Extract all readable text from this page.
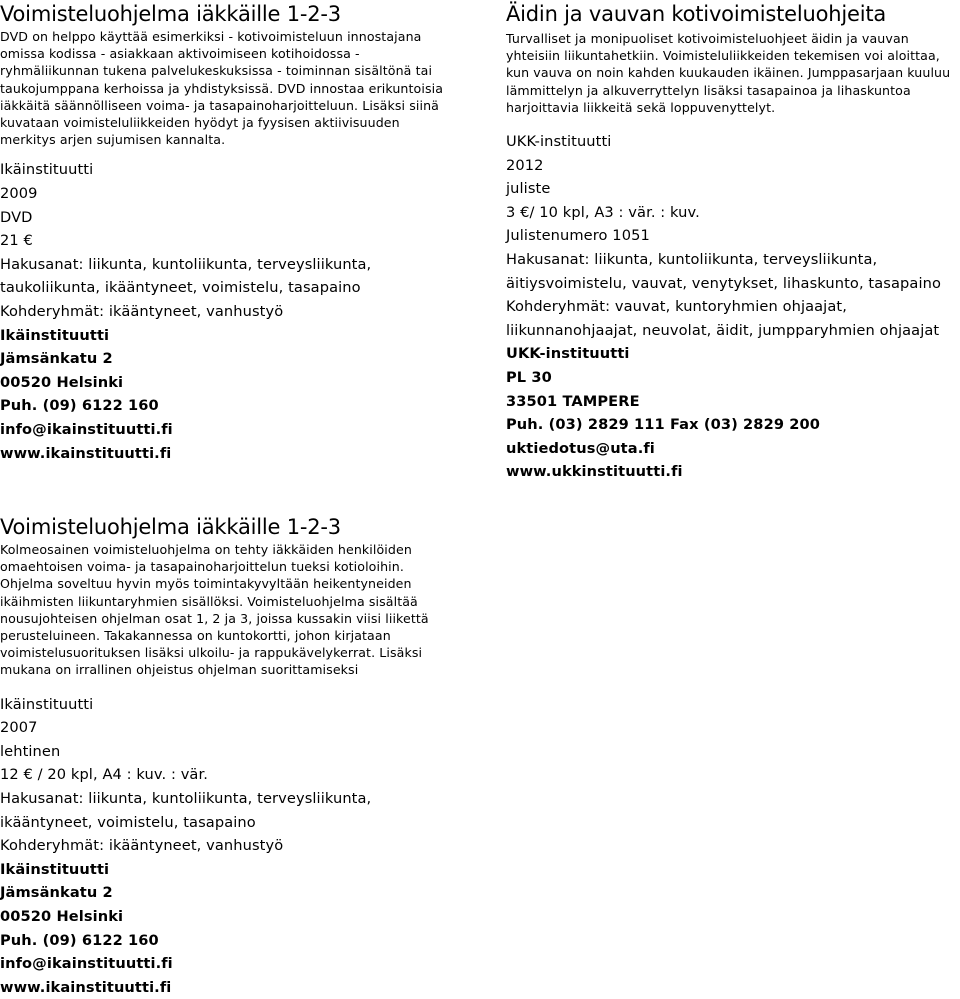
Voimisteluohjelma iäkkäille 1-2-3

DVD on helppo käyttää esimerkiksi - kotivoimisteluun innostajana
omissa kodissa - asiakkaan aktivoimiseen kotihoidossa -
ryhmäliikunnan tukena palvelukeskuksissa - toiminnan sisältönä tai
taukojumppana kerhoissa ja yhdistyksissä. DVD innostaa erikuntoisia
iäkkäitä säännölliseen voima- ja tasapainoharjoitteluun. Lisäksi siinä
kuvataan voimisteluliikkeiden hyödyt ja fyysisen aktiivisuuden
merkitys arjen sujumisen kannalta.

Ikäinstituutti
2009
DVD
21 €
Hakusanat: liikunta, kuntoliikunta, terveysliikunta,
taukoliikunta, ikääntyneet, voimistelu, tasapaino
Kohderyhmät: ikääntyneet, vanhustyö
Ikäinstituutti
Jämsänkatu 2
00520 Helsinki
Puh. (09) 6122 160
info@ikainstituutti.fi
www.ikainstituutti.fi
Äidin ja vauvan kotivoimisteluohjeita

Turvalliset ja monipuoliset kotivoimisteluohjeet äidin ja vauvan
yhteisiin liikuntahetkiin. Voimisteluliikkeiden tekemisen voi aloittaa,
kun vauva on noin kahden kuukauden ikäinen. Jumppasarjaan kuuluu
lämmittelyn ja alkuverryttelyn lisäksi tasapainoa ja lihaskuntoa
harjoittavia liikkeitä sekä loppuvenyttelyt.

UKK-instituutti
2012
juliste
3 €/ 10 kpl, A3 : vär. : kuv.
Julistenumero 1051
Hakusanat: liikunta, kuntoliikunta, terveysliikunta,
äitiysvoimistelu, vauvat, venytykset, lihaskunto, tasapaino
Kohderyhmät: vauvat, kuntoryhmien ohjaajat,
liikunnanohjaajat, neuvolat, äidit, jumpparyhmien ohjaajat
UKK-instituutti
PL 30
33501 TAMPERE
Puh. (03) 2829 111 Fax (03) 2829 200
uktiedotus@uta.fi
www.ukkinstituutti.fi
Voimisteluohjelma iäkkäille 1-2-3

Kolmeosainen voimisteluohjelma on tehty iäkkäiden henkilöiden
omaehtoisen voima- ja tasapainoharjoittelun tueksi kotioloihin.
Ohjelma soveltuu hyvin myös toimintakyvyltään heikentyneiden
ikäihmisten liikuntaryhmien sisällöksi. Voimisteluohjelma sisältää
nousujohteisen ohjelman osat 1, 2 ja 3, joissa kussakin viisi liikettä
perusteluineen. Takakannessa on kuntokortti, johon kirjataan
voimistelusuorituksen lisäksi ulkoilu- ja rappukävelykerrat. Lisäksi
mukana on irrallinen ohjeistus ohjelman suorittamiseksi

Ikäinstituutti
2007
lehtinen
12 € / 20 kpl, A4 : kuv. : vär.
Hakusanat: liikunta, kuntoliikunta, terveysliikunta,
ikääntyneet, voimistelu, tasapaino
Kohderyhmät: ikääntyneet, vanhustyö
Ikäinstituutti
Jämsänkatu 2
00520 Helsinki
Puh. (09) 6122 160
info@ikainstituutti.fi
www.ikainstituutti.fi
